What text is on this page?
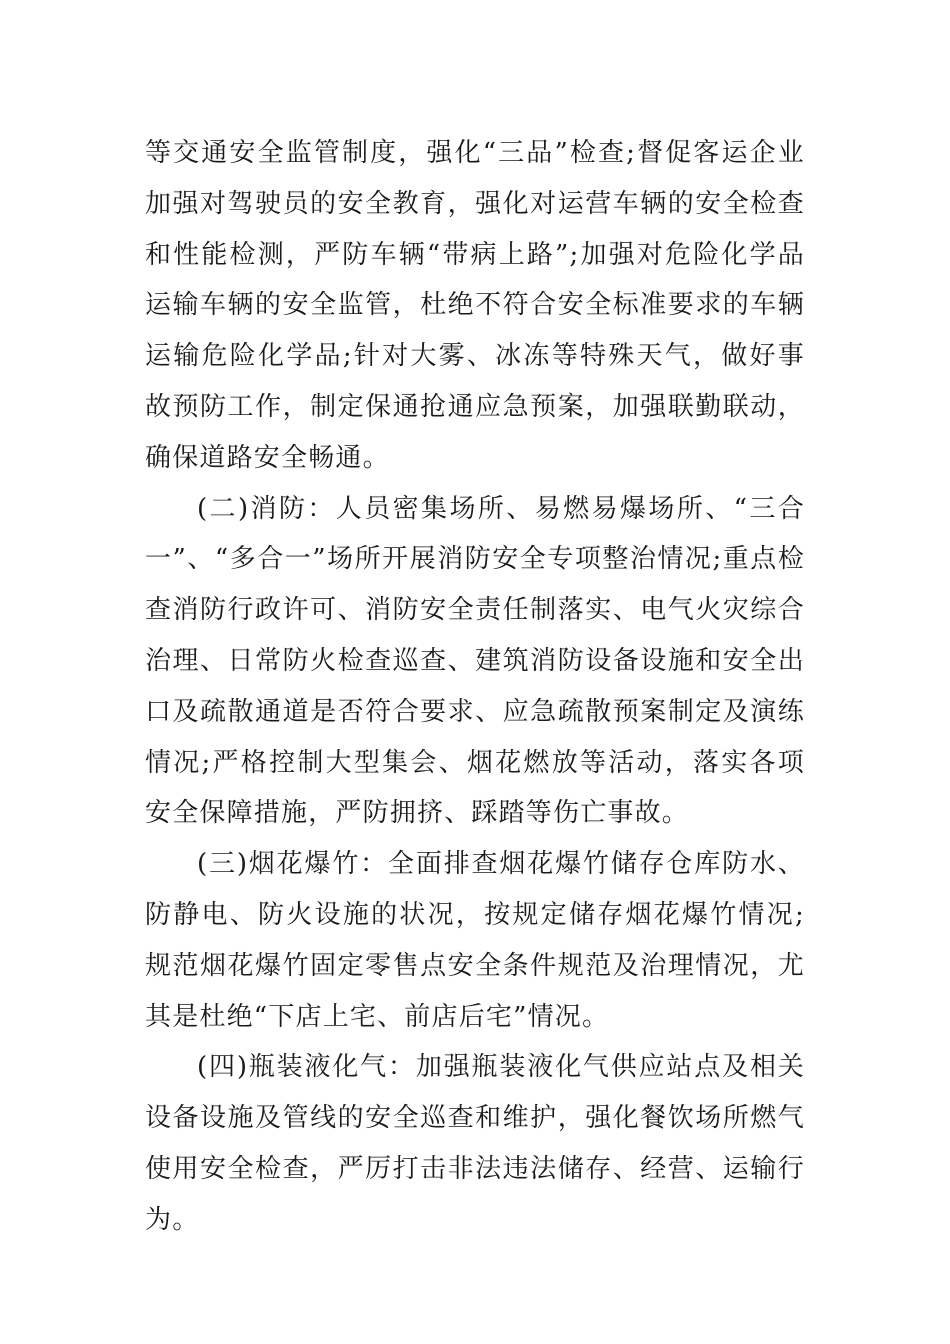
等交通安全监管制度，强化“三品”检查;督促客运企业加强对驾驶员的安全教育，强化对运营车辆的安全检查和性能检测，严防车辆“带病上路”;加强对危险化学品运输车辆的安全监管，杜绝不符合安全标准要求的车辆运输危险化学品;针对大雾、冰冻等特殊天气，做好事故预防工作，制定保通抢通应急预案，加强联勤联动，确保道路安全畅通。

(二)消防：人员密集场所、易燃易爆场所、“三合一”、“多合一”场所开展消防安全专项整治情况;重点检查消防行政许可、消防安全责任制落实、电气火灾综合治理、日常防火检查巡查、建筑消防设备设施和安全出口及疏散通道是否符合要求、应急疏散预案制定及演练情况;严格控制大型集会、烟花燃放等活动，落实各项安全保障措施，严防拥挤、踩踏等伤亡事故。

(三)烟花爆竹：全面排查烟花爆竹储存仓库防水、防静电、防火设施的状况，按规定储存烟花爆竹情况;规范烟花爆竹固定零售点安全条件规范及治理情况，尤其是杜绝“下店上宅、前店后宅”情况。

(四)瓶装液化气：加强瓶装液化气供应站点及相关设备设施及管线的安全巡查和维护，强化餐饮场所燃气使用安全检查，严厉打击非法违法储存、经营、运输行为。
